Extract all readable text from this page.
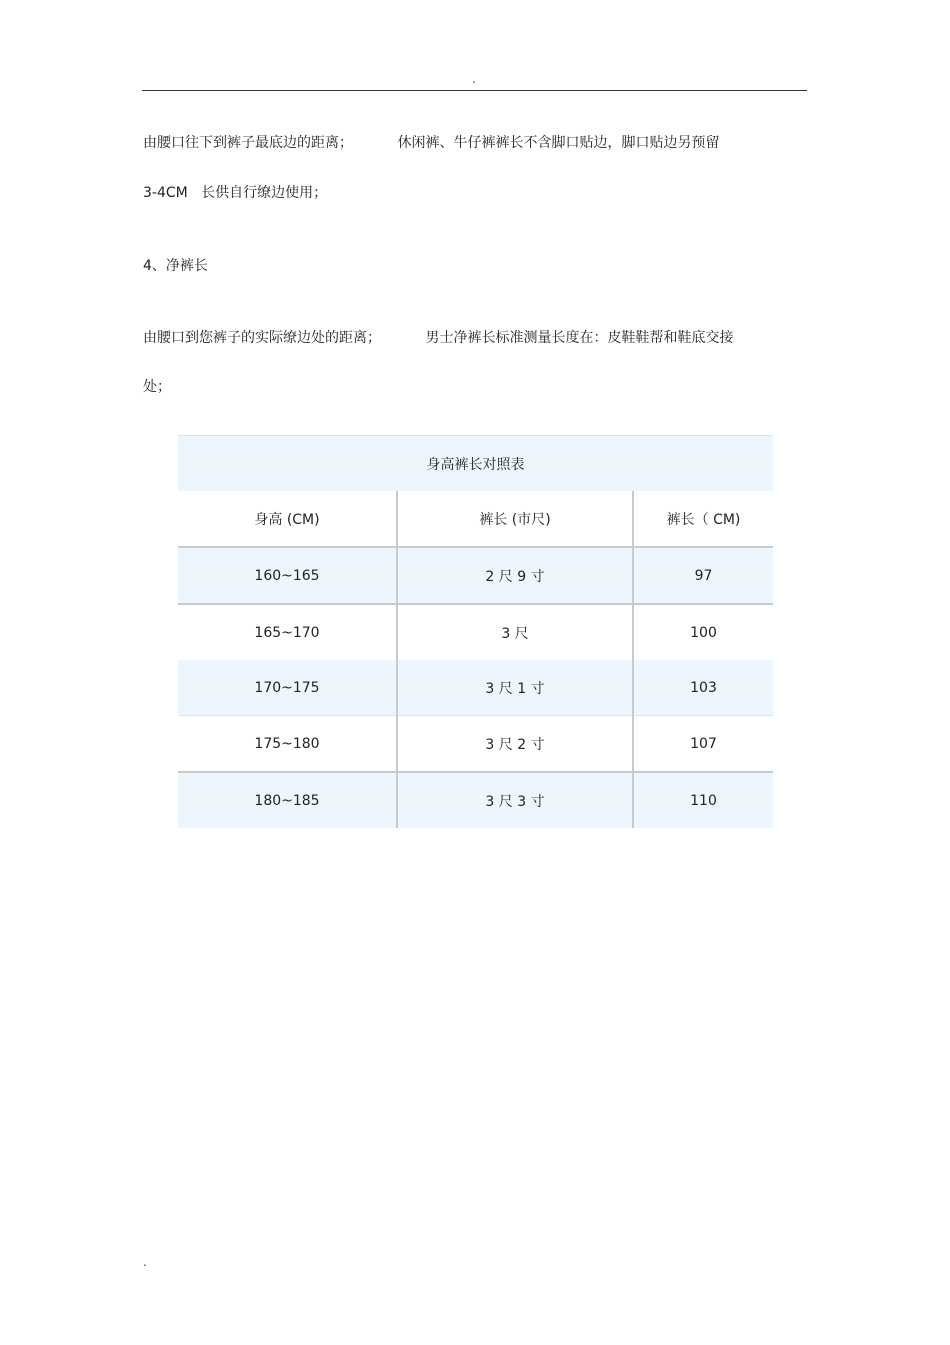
.
由腰口往下到裤子最底边的距离；          休闲裤、牛仔裤裤长不含脚口贴边，脚口贴边另预留
3-4CM   长供自行缭边使用；
4、净裤长
由腰口到您裤子的实际缭边处的距离；          男士净裤长标准测量长度在：皮鞋鞋帮和鞋底交接
处；
身高裤长对照表		
身高 (CM)	裤长 (市尺)	裤长（ CM)
160~165	2 尺 9 寸	97
165~170	3 尺	100
170~175	3 尺 1 寸	103
175~180	3 尺 2 寸	107
180~185	3 尺 3 寸	110
.
